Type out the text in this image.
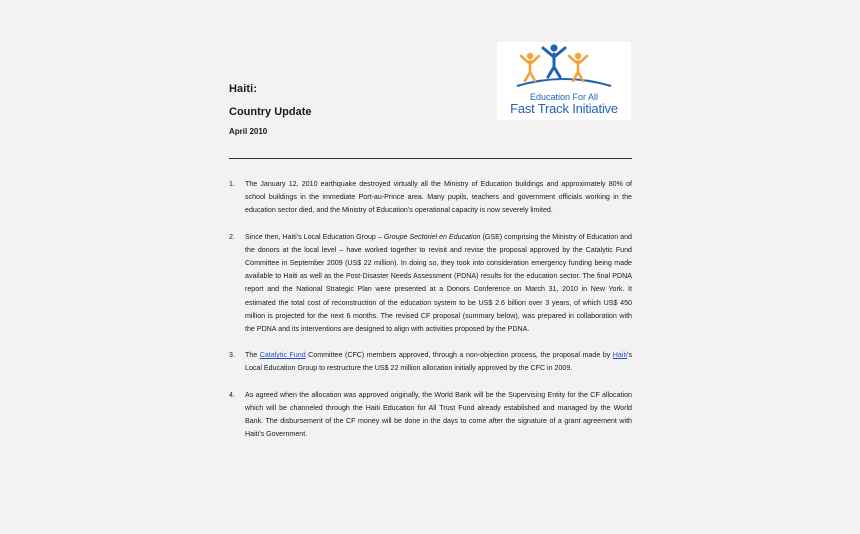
Haiti:
Country Update
April 2010
Education For All
Fast Track Initiative
1. The January 12, 2010 earthquake destroyed virtually all the Ministry of Education buildings and approximately 80% of school buildings in the immediate Port-au-Prince area. Many pupils, teachers and government officials working in the education sector died, and the Ministry of Education’s operational capacity is now severely limited.
2. Since then, Haiti’s Local Education Group – Groupe Sectoriel en Education (GSE) comprising the Ministry of Education and the donors at the local level – have worked together to revisit and revise the proposal approved by the Catalytic Fund Committee in September 2009 (US$ 22 million). In doing so, they took into consideration emergency funding being made available to Haiti as well as the Post-Disaster Needs Assessment (PDNA) results for the education sector. The final PDNA report and the National Strategic Plan were presented at a Donors Conference on March 31, 2010 in New York. It estimated the total cost of reconstruction of the education system to be US$ 2.6 billion over 3 years, of which US$ 450 million is projected for the next 6 months. The revised CF proposal (summary below), was prepared in collaboration with the PDNA and its interventions are designed to align with activities proposed by the PDNA.
3. The Catalytic Fund Committee (CFC) members approved, through a non-objection process, the proposal made by Haiti’s Local Education Group to restructure the US$ 22 million allocation initially approved by the CFC in 2009.
4. As agreed when the allocation was approved originally, the World Bank will be the Supervising Entity for the CF allocation which will be channeled through the Haiti Education for All Trust Fund already established and managed by the World Bank. The disbursement of the CF money will be done in the days to come after the signature of a grant agreement with Haiti’s Government.
